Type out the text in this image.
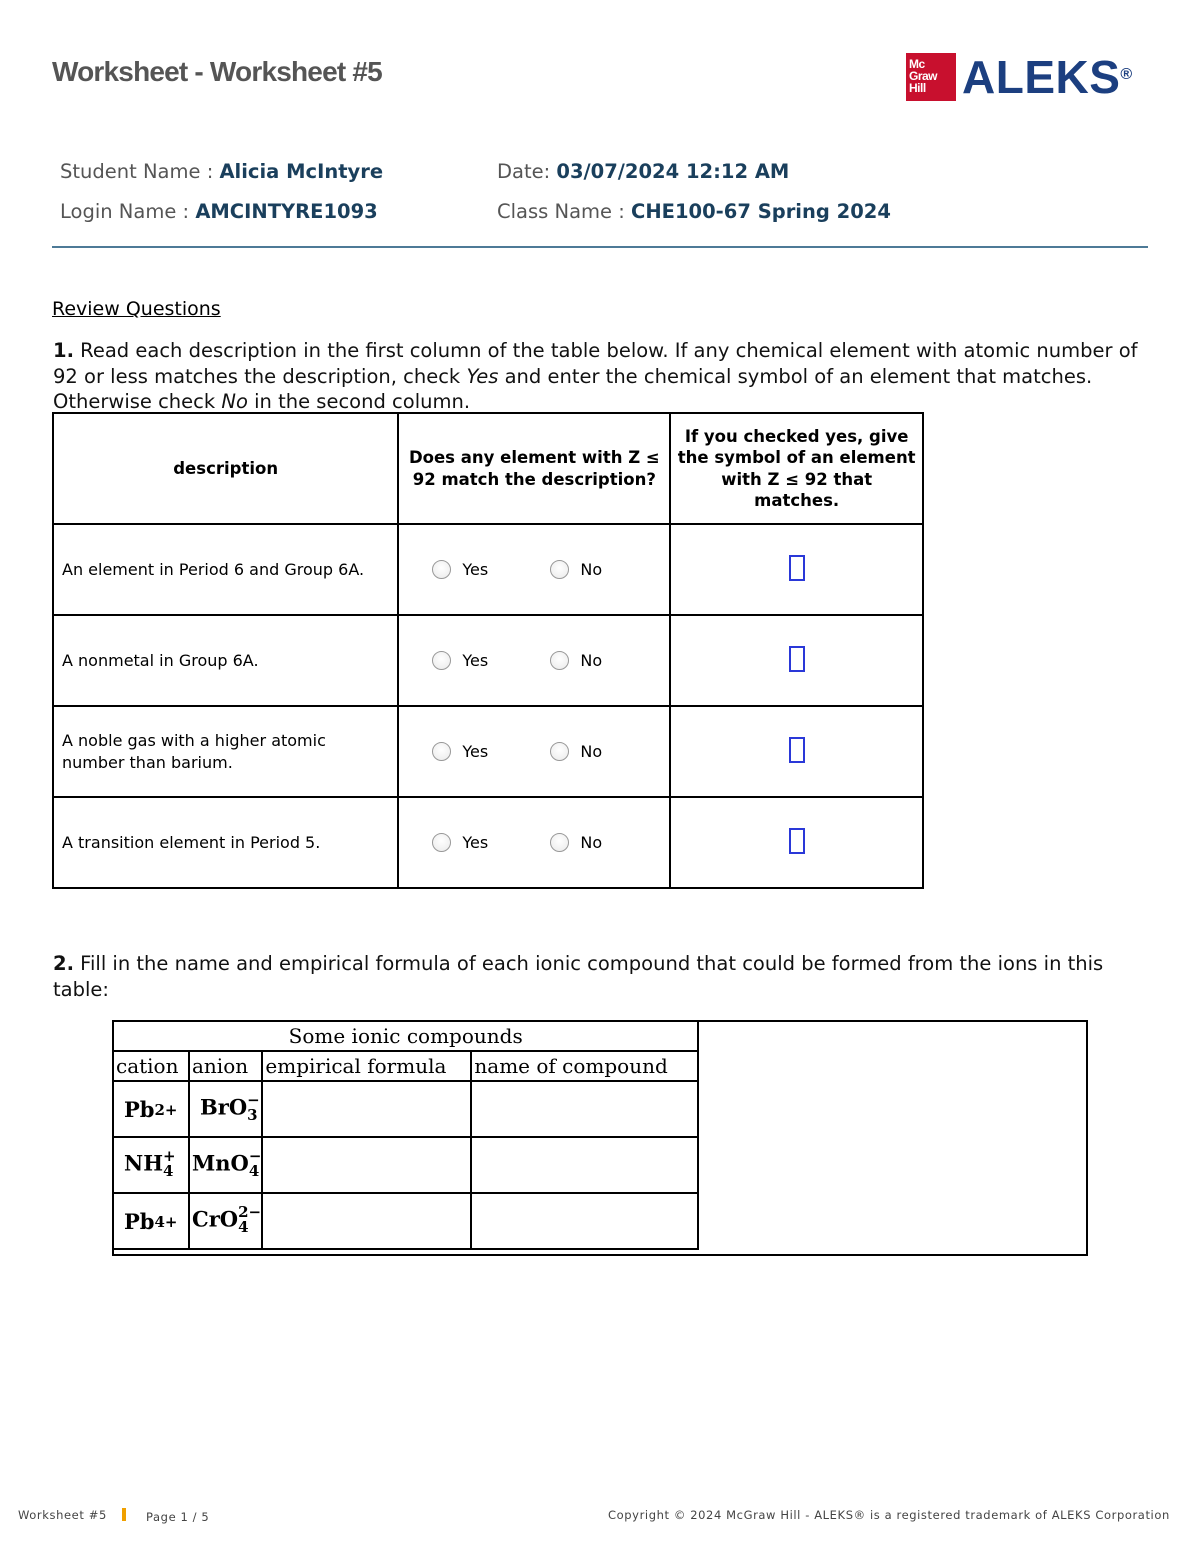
Worksheet - Worksheet #5	Mc
Graw
Hill ALEKS®
Student Name : Alicia McIntyre
Login Name : AMCINTYRE1093
Date: 03/07/2024 12:12 AM
Class Name : CHE100-67 Spring 2024
Review Questions
1. Read each description in the first column of the table below. If any chemical element with atomic number of 92 or less matches the description, check Yes and enter the chemical symbol of an element that matches. Otherwise check No in the second column.
description	Does any element with Z ≤ 92 match the description?	If you checked yes, give the symbol of an element with Z ≤ 92 that matches.
An element in Period 6 and Group 6A.	Yes No	

A nonmetal in Group 6A.	Yes No	

A noble gas with a higher atomic number than barium.	Yes No	

A transition element in Period 5.	Yes No	

2. Fill in the name and empirical formula of each ionic compound that could be formed from the ions in this table:
Some ionic compounds			
cation	anion	empirical formula	name of compound
Pb 2+	BrO −
3		

NH +
4	MnO −
4		

Pb 4+	CrO 2−
4		

Worksheet #5	Page 1 / 5	Copyright © 2024 McGraw Hill - ALEKS® is a registered trademark of ALEKS Corporation
